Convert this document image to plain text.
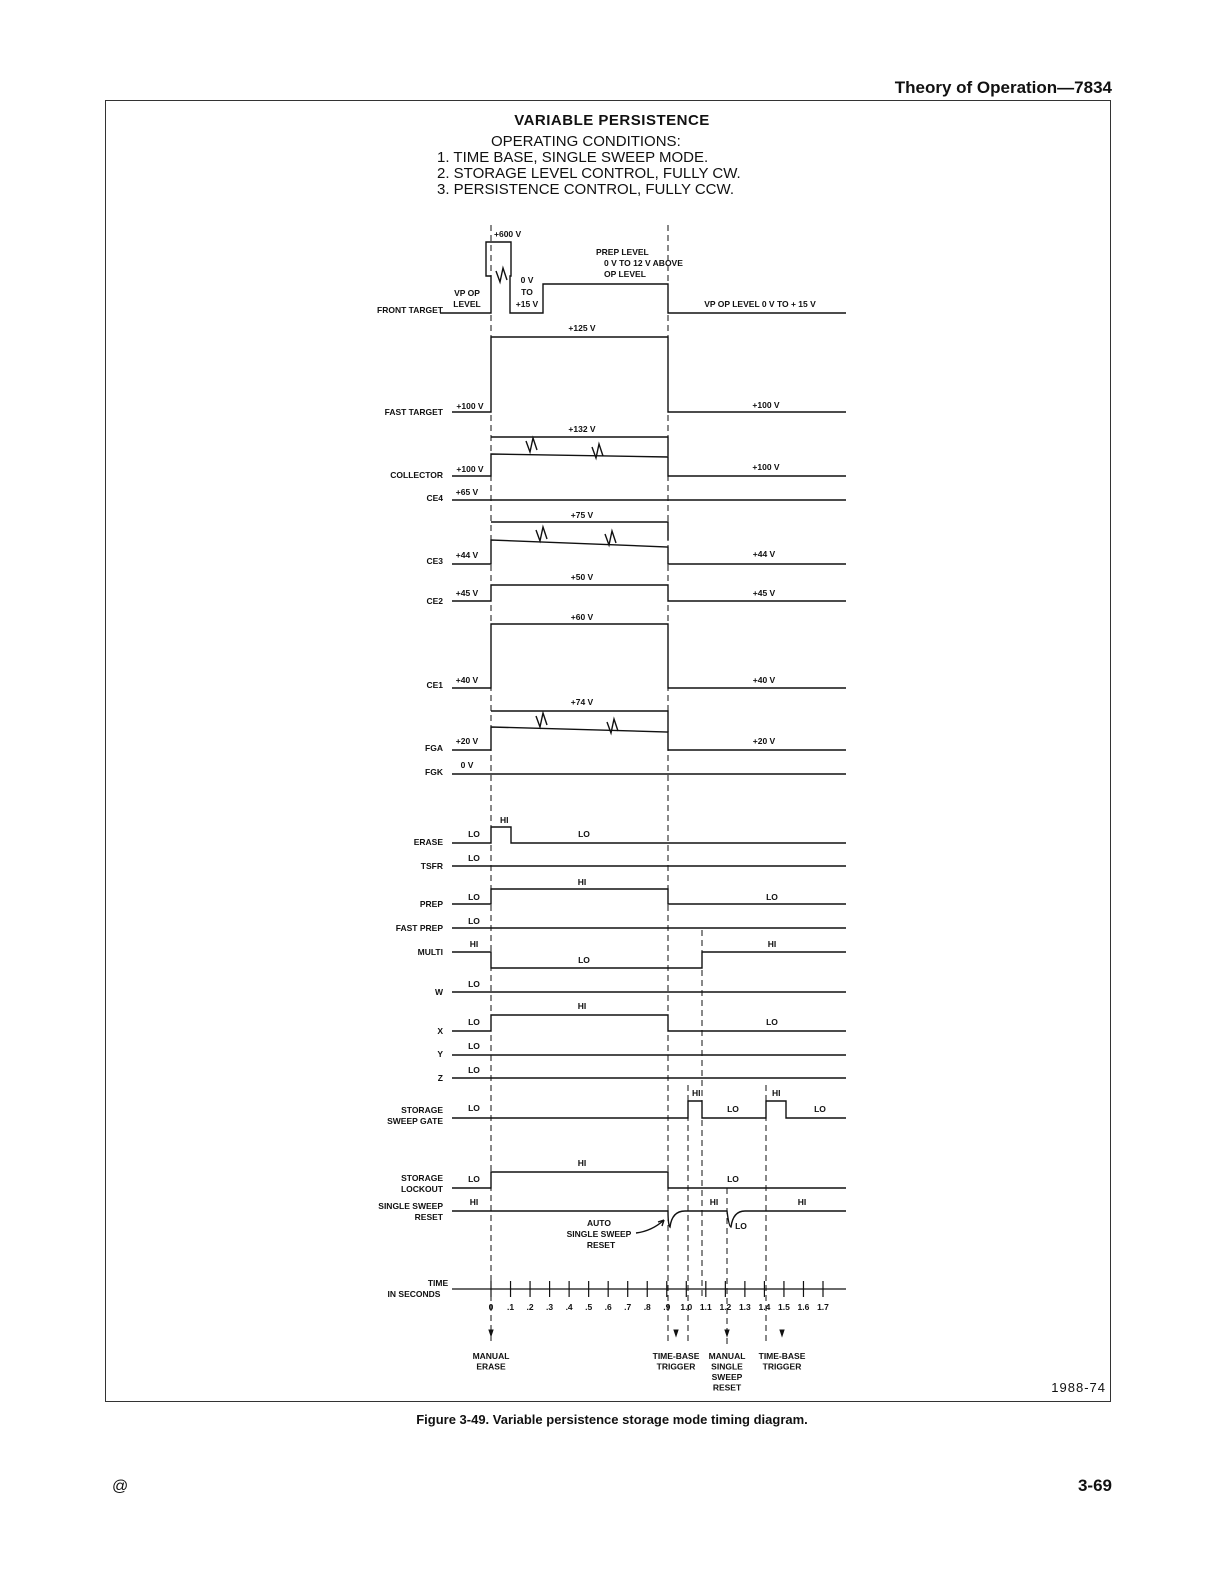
Theory of Operation—7834
VARIABLE PERSISTENCE
OPERATING CONDITIONS:
1. TIME BASE, SINGLE SWEEP MODE.
2. STORAGE LEVEL CONTROL, FULLY CW.
3. PERSISTENCE CONTROL, FULLY CCW.
FRONT TARGET
FAST TARGET
COLLECTOR
CE4
CE3
CE2
CE1
FGA
FGK
ERASE
TSFR
PREP
FAST PREP
MULTI
W
X
Y
Z
STORAGE
SWEEP GATE
STORAGE
LOCKOUT
SINGLE SWEEP
RESET
+600 V
PREP LEVEL
0 V TO 12 V ABOVE
OP LEVEL
0 V
TO
+15 V
VP OP
LEVEL	VP OP LEVEL 0 V TO + 15 V
+125 V
+100 V	+100 V
+132 V
+100 V	+100 V
+65 V
+75 V
+44 V	+44 V
+50 V
+45 V	+45 V
+60 V
+40 V	+40 V
+74 V
+20 V	+20 V
0 V
HI
LO	LO
LO
LO
HI
LO
LO
HI
LO
HI
LO
LO
HI
LO
LO
LO
LO
HI
LO
HI
LO
LO
HI
LO
HI	HI
LO
HI
AUTO
SINGLE SWEEP
RESET
TIME
IN SECONDS
0 .1 .2 .3 .4 .5 .6 .7 .8 .9 1.0 1.1 1.2 1.3 1.4 1.5 1.6 1.7
MANUAL
ERASE
TIME-BASE
TRIGGER
MANUAL
SINGLE
SWEEP
RESET
TIME-BASE
TRIGGER
1988-74
Figure 3-49. Variable persistence storage mode timing diagram.
@	3-69
